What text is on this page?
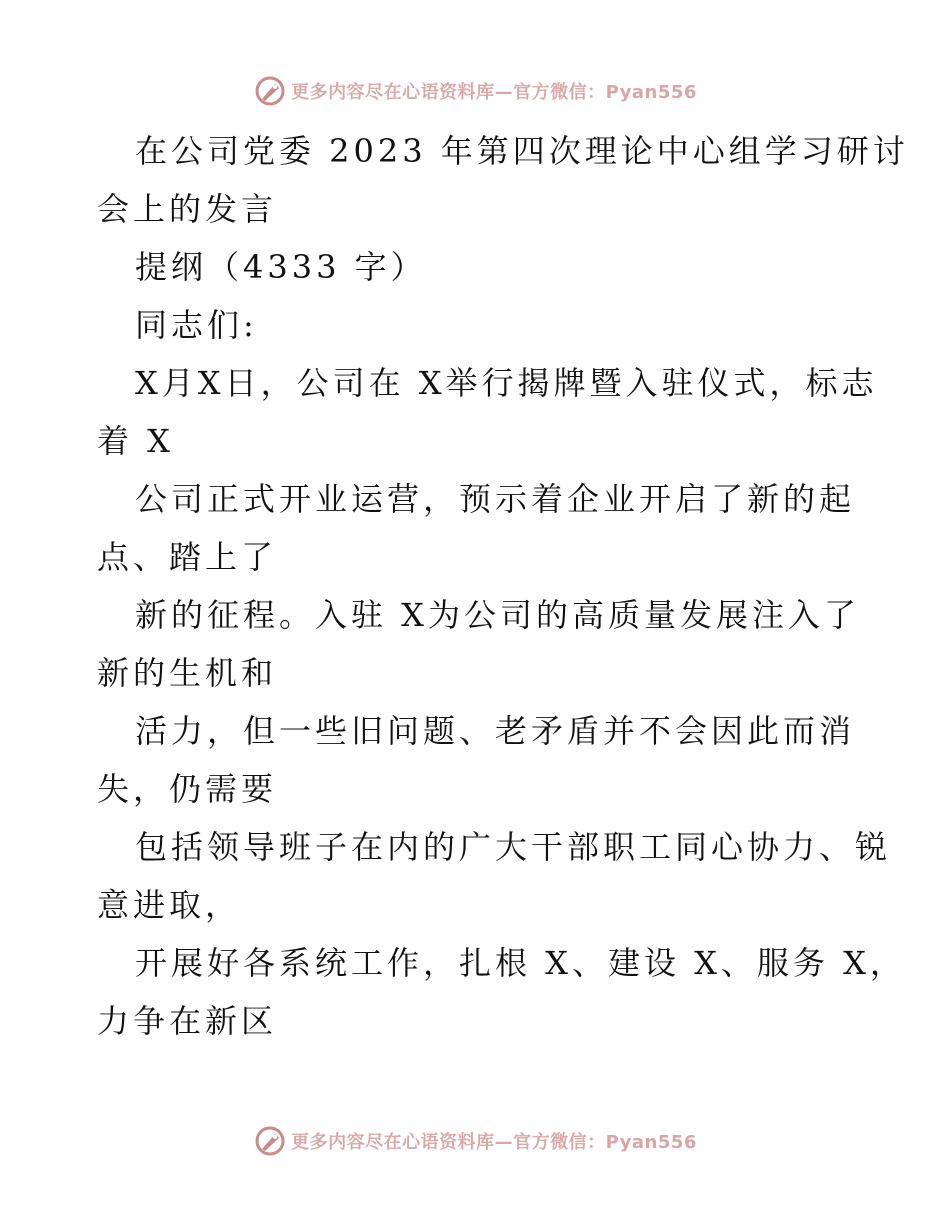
更多内容尽在心语资料库—官方微信：Pyan556
在公司党委 2023 年第四次理论中心组学习研讨
会上的发言
提纲（4333 字）
同志们:
X月X日，公司在 X举行揭牌暨入驻仪式，标志
着 X
公司正式开业运营，预示着企业开启了新的起
点、踏上了
新的征程。入驻 X为公司的高质量发展注入了
新的生机和
活力，但一些旧问题、老矛盾并不会因此而消
失，仍需要
包括领导班子在内的广大干部职工同心协力、锐
意进取，
开展好各系统工作，扎根 X、建设 X、服务 X，
力争在新区
更多内容尽在心语资料库—官方微信：Pyan556
